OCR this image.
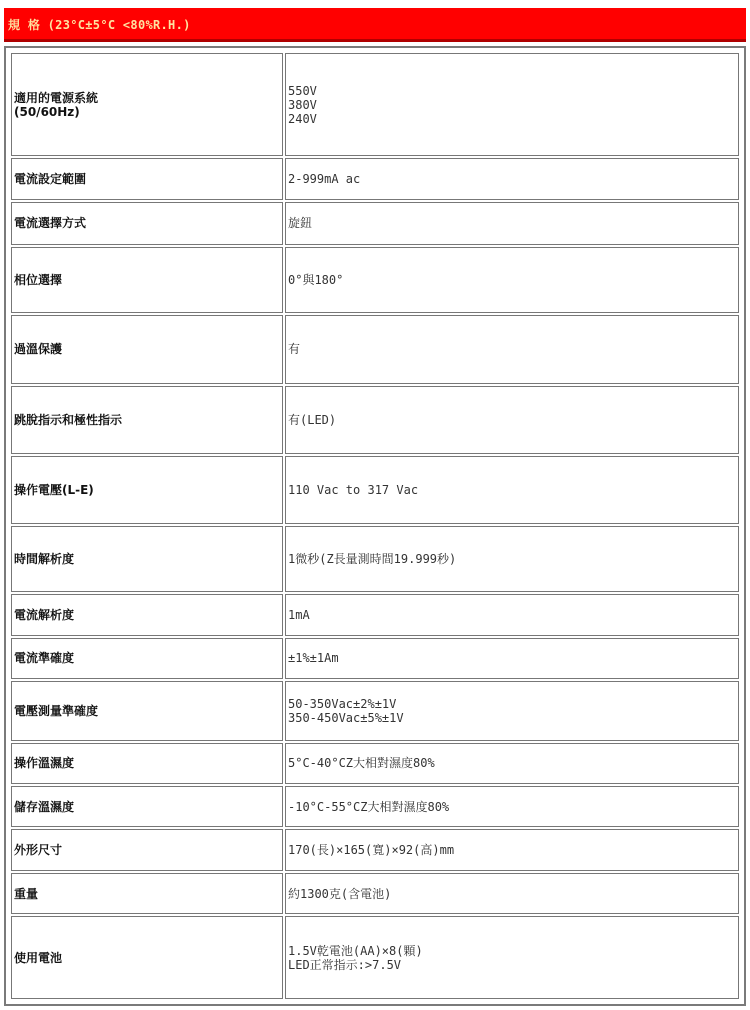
規 格 (23°C±5°C <80%R.H.)
適用的電源系統
(50/60Hz)	550V
380V
240V

電流設定範圍	2-999mA ac

電流選擇方式	旋鈕

相位選擇	0°與180°

過溫保護	有

跳脫指示和極性指示	有(LED)

操作電壓(L-E)	110 Vac to 317 Vac

時間解析度	1微秒(Z長量測時間19.999秒)

電流解析度	1mA

電流準確度	±1%±1Am

電壓測量準確度	50-350Vac±2%±1V
350-450Vac±5%±1V

操作溫濕度	5°C-40°CZ大相對濕度80%

儲存溫濕度	-10°C-55°CZ大相對濕度80%

外形尺寸	170(長)×165(寬)×92(高)mm

重量	約1300克(含電池)

使用電池	1.5V乾電池(AA)×8(顆)
LED正常指示:>7.5V
